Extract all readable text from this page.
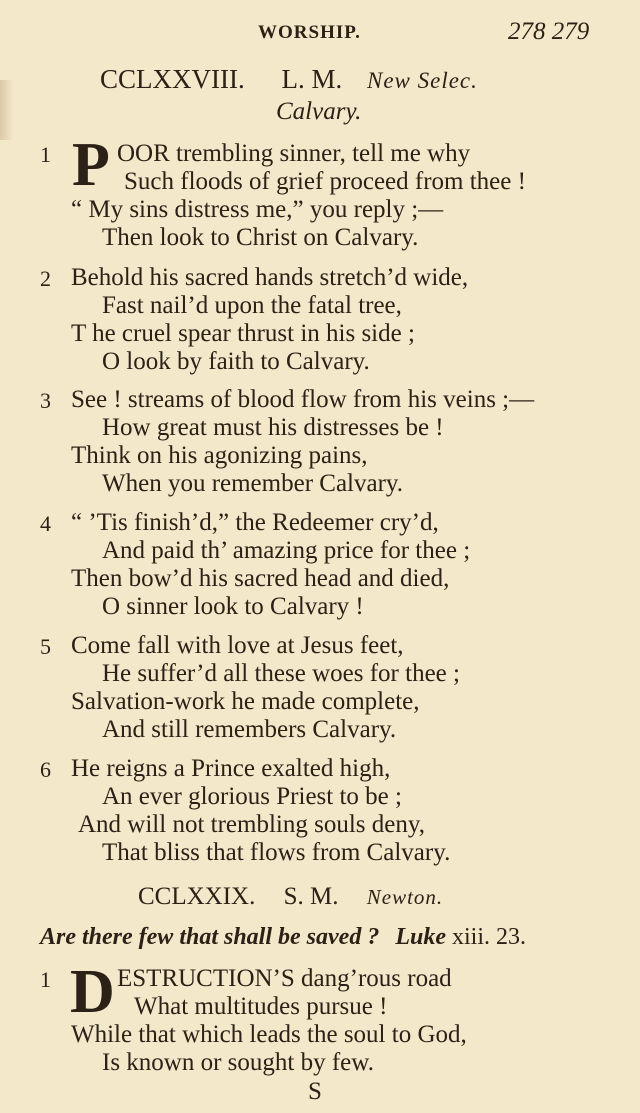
WORSHIP.	278 279
CCLXXVIII. L. M. New Selec.
Calvary.
1 P OOR trembling sinner, tell me why
Such floods of grief proceed from thee !
“ My sins distress me,” you reply ;—
Then look to Christ on Calvary.
2 Behold his sacred hands stretch’d wide,
Fast nail’d upon the fatal tree,
T he cruel spear thrust in his side ;
O look by faith to Calvary.
3 See ! streams of blood flow from his veins ;—
How great must his distresses be !
Think on his agonizing pains,
When you remember Calvary.
4 “ ’Tis finish’d,” the Redeemer cry’d,
And paid th’ amazing price for thee ;
Then bow’d his sacred head and died,
O sinner look to Calvary !
5 Come fall with love at Jesus feet,
He suffer’d all these woes for thee ;
Salvation-work he made complete,
And still remembers Calvary.
6 He reigns a Prince exalted high,
An ever glorious Priest to be ;
And will not trembling souls deny,
That bliss that flows from Calvary.
CCLXXIX. S. M. Newton.
Are there few that shall be saved ? Luke xiii. 23.
1 D ESTRUCTION’S dang’rous road
What multitudes pursue !
While that which leads the soul to God,
Is known or sought by few.
S
